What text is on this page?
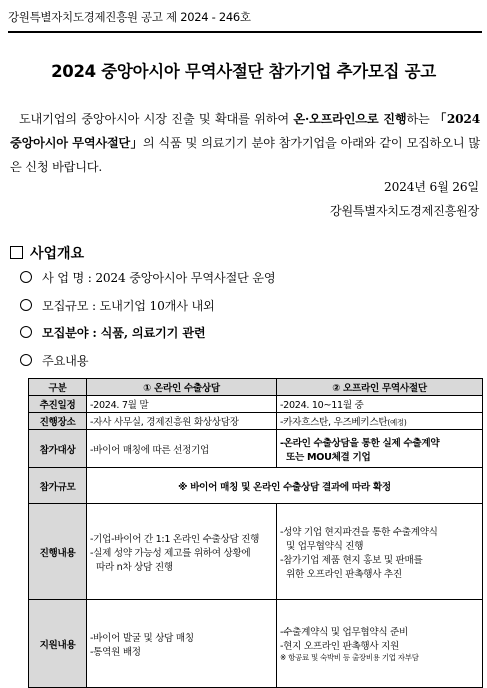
강원특별자치도경제진흥원 공고 제 2024 - 246호
2024 중앙아시아 무역사절단 참가기업 추가모집 공고
도내기업의 중앙아시아 시장 진출 및 확대를 위하여 온·오프라인으로 진행하는 「2024 중앙아시아 무역사절단」의 식품 및 의료기기 분야 참가기업을 아래와 같이 모집하오니 많은 신청 바랍니다.
2024년 6월 26일
강원특별자치도경제진흥원장
사업개요
사 업 명 : 2024 중앙아시아 무역사절단 운영
모집규모 : 도내기업 10개사 내외
모집분야 : 식품, 의료기기 관련
주요내용
구분	① 온라인 수출상담	② 오프라인 무역사절단
추진일정	-2024. 7월 말	-2024. 10~11월 중
진행장소	-자사 사무실, 경제진흥원 화상상담장	-카자흐스탄, 우즈베키스탄(예정)
참가대상	-바이어 매칭에 따른 선정기업	-온라인 수출상담을 통한 실제 수출계약
또는 MOU체결 기업

참가규모	※ 바이어 매칭 및 온라인 수출상담 결과에 따라 확정	
진행내용	-기업-바이어 간 1:1 온라인 수출상담 진행
-실제 성약 가능성 제고를 위하여 상황에
따라 n차 상담 진행	-성약 기업 현지파견을 통한 수출계약식
및 업무협약식 진행
-참가기업 제품 현지 홍보 및 판매를
위한 오프라인 판촉행사 추진

지원내용	-바이어 발굴 및 상담 매칭
-통역원 배정	-수출계약식 및 업무협약식 준비
-현지 오프라인 판촉행사 지원
※ 항공료 및 숙박비 등 출장비용 기업 자부담
